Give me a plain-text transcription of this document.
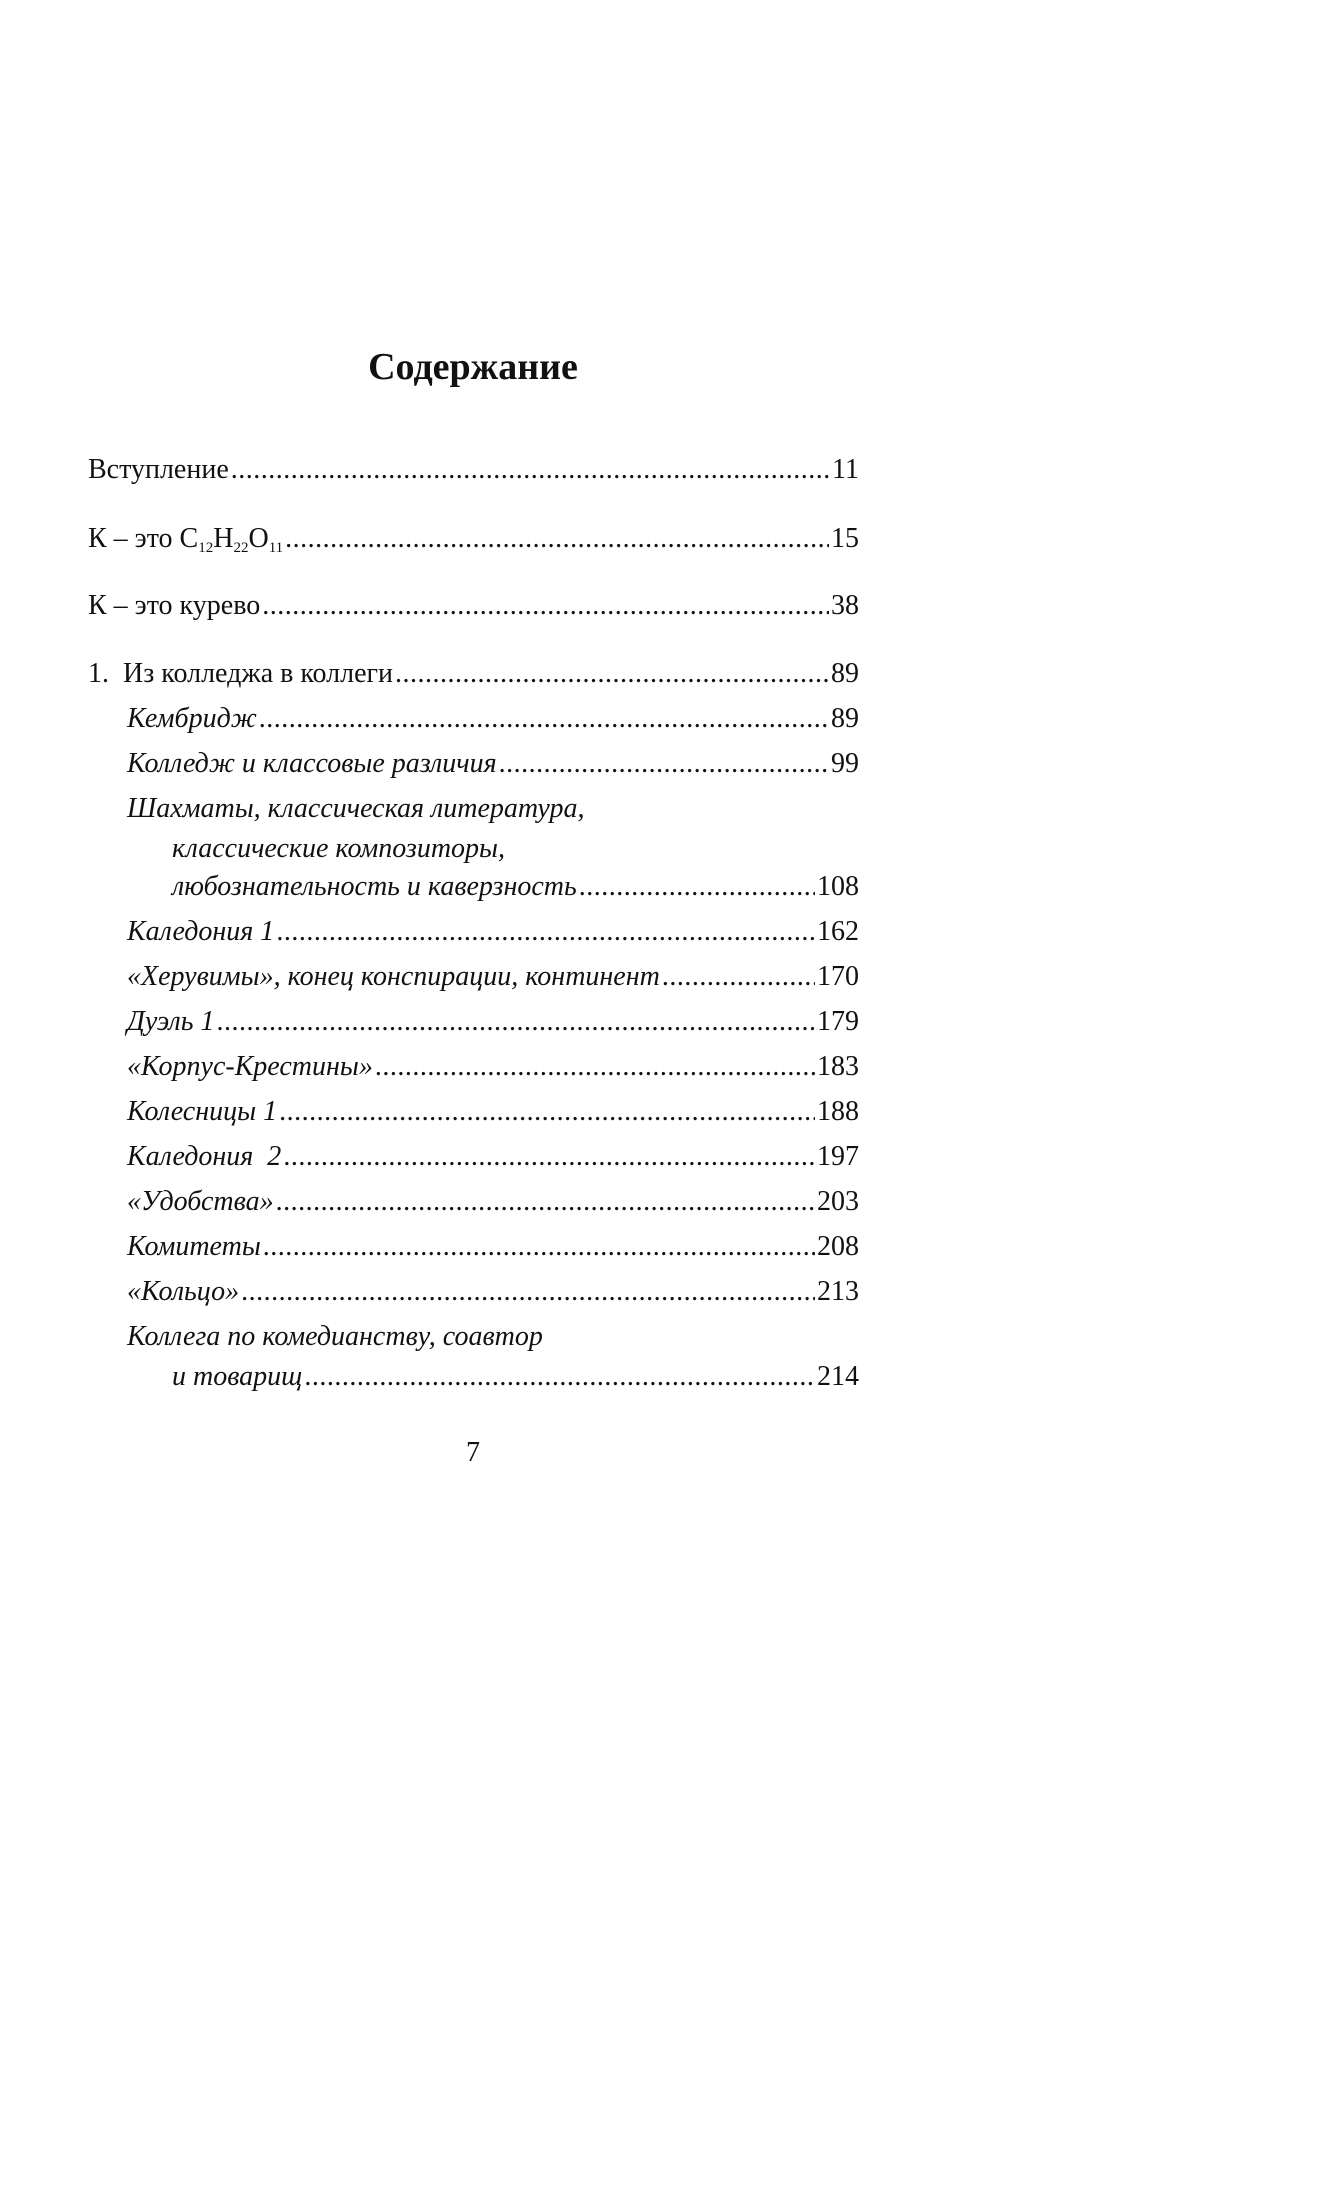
Содержание
Вступление .....	11
К – это $С_{12}H_{22}O_{11}$ .....	15
К – это курево .....	38
1. Из колледжа в коллеги .....	89
Кембридж .....	89
Колледж и классовые различия .....	99
Шахматы, классическая литература,
классические композиторы,
любознательность и каверзность .....	108
Каледония 1 .....	162
«Херувимы», конец конспирации, континент .....	170
Дуэль 1 .....	179
«Корпус-Крестины» .....	183
Колесницы 1 .....	188
Каледония  2 .....	197
«Удобства» .....	203
Комитеты .....	208
«Кольцо» .....	213
Коллега по комедианству, соавтор
и товарищ .....	214
7
